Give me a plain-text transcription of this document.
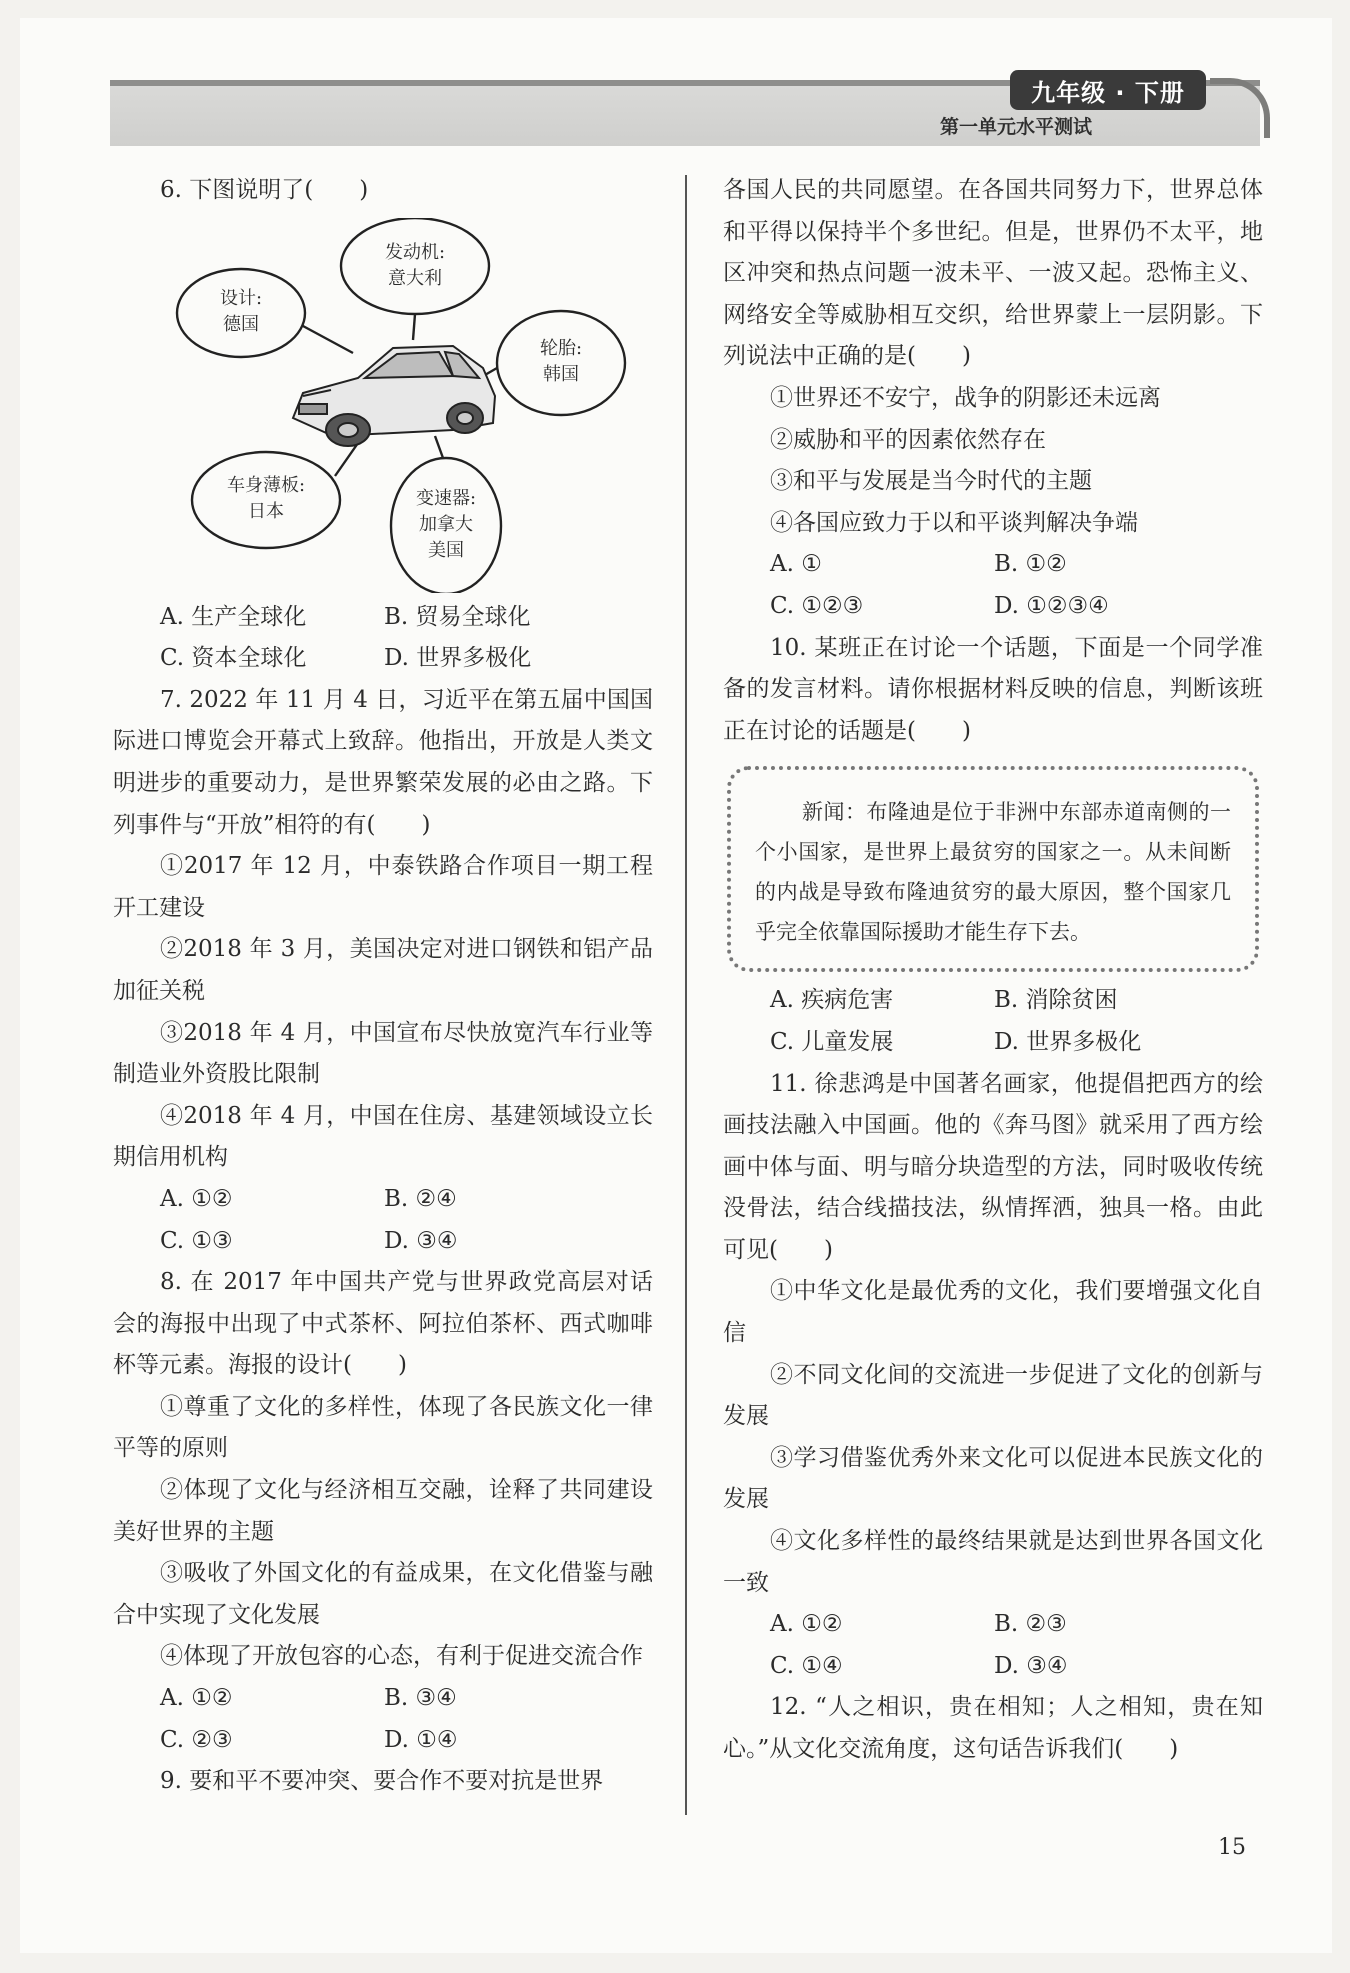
九年级 · 下册
第一单元水平测试

6. 下图说明了(　　)

设计:
德国
发动机:
意大利
轮胎:
韩国
车身薄板:
日本
变速器:
加拿大
美国
A. 生产全球化	B. 贸易全球化
C. 资本全球化	D. 世界多极化

7. 2022 年 11 月 4 日，习近平在第五届中国国际进口博览会开幕式上致辞。他指出，开放是人类文明进步的重要动力，是世界繁荣发展的必由之路。下列事件与“开放”相符的有(　　)

①2017 年 12 月，中泰铁路合作项目一期工程开工建设

②2018 年 3 月，美国决定对进口钢铁和铝产品加征关税

③2018 年 4 月，中国宣布尽快放宽汽车行业等制造业外资股比限制

④2018 年 4 月，中国在住房、基建领域设立长期信用机构

A. ①②	B. ②④
C. ①③	D. ③④

8. 在 2017 年中国共产党与世界政党高层对话会的海报中出现了中式茶杯、阿拉伯茶杯、西式咖啡杯等元素。海报的设计(　　)

①尊重了文化的多样性，体现了各民族文化一律平等的原则

②体现了文化与经济相互交融，诠释了共同建设美好世界的主题

③吸收了外国文化的有益成果，在文化借鉴与融合中实现了文化发展

④体现了开放包容的心态，有利于促进交流合作

A. ①②	B. ③④
C. ②③	D. ①④

9. 要和平不要冲突、要合作不要对抗是世界

各国人民的共同愿望。在各国共同努力下，世界总体和平得以保持半个多世纪。但是，世界仍不太平，地区冲突和热点问题一波未平、一波又起。恐怖主义、网络安全等威胁相互交织，给世界蒙上一层阴影。下列说法中正确的是(　　)

①世界还不安宁，战争的阴影还未远离

②威胁和平的因素依然存在

③和平与发展是当今时代的主题

④各国应致力于以和平谈判解决争端

A. ①	B. ①②
C. ①②③	D. ①②③④

10. 某班正在讨论一个话题，下面是一个同学准备的发言材料。请你根据材料反映的信息，判断该班正在讨论的话题是(　　)

新闻：布隆迪是位于非洲中东部赤道南侧的一个小国家，是世界上最贫穷的国家之一。从未间断的内战是导致布隆迪贫穷的最大原因，整个国家几乎完全依靠国际援助才能生存下去。

A. 疾病危害	B. 消除贫困
C. 儿童发展	D. 世界多极化

11. 徐悲鸿是中国著名画家，他提倡把西方的绘画技法融入中国画。他的《奔马图》就采用了西方绘画中体与面、明与暗分块造型的方法，同时吸收传统没骨法，结合线描技法，纵情挥洒，独具一格。由此可见(　　)

①中华文化是最优秀的文化，我们要增强文化自信

②不同文化间的交流进一步促进了文化的创新与发展

③学习借鉴优秀外来文化可以促进本民族文化的发展

④文化多样性的最终结果就是达到世界各国文化一致

A. ①②	B. ②③
C. ①④	D. ③④

12. “人之相识，贵在相知；人之相知，贵在知心。”从文化交流角度，这句话告诉我们(　　)

15
